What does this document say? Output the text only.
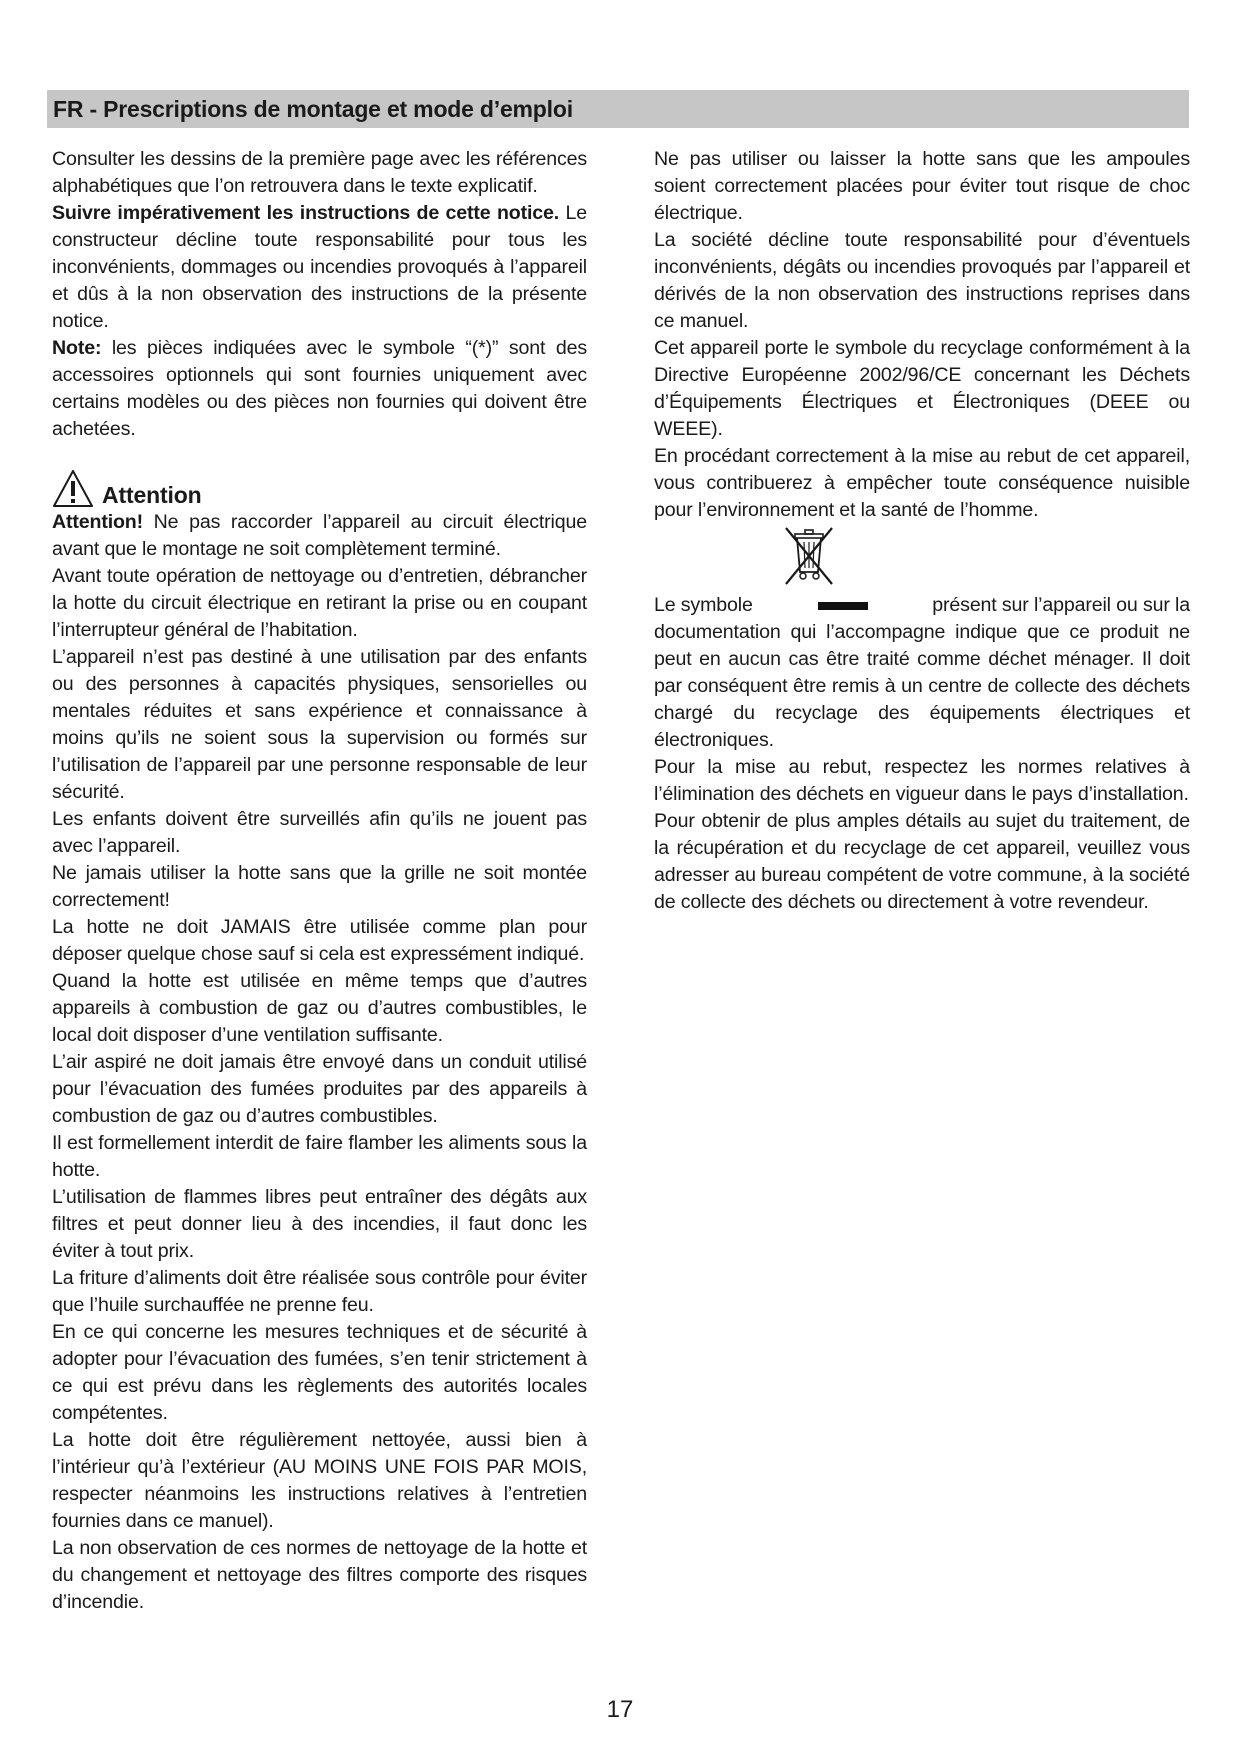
FR - Prescriptions de montage et mode d’emploi

Consulter les dessins de la première page avec les références alphabétiques que l’on retrouvera dans le texte explicatif.

Suivre impérativement les instructions de cette notice. Le constructeur décline toute responsabilité pour tous les inconvénients, dommages ou incendies provoqués à l’appareil et dûs à la non observation des instructions de la présente notice.

Note: les pièces indiquées avec le symbole “(*)” sont des accessoires optionnels qui sont fournies uniquement avec certains modèles ou des pièces non fournies qui doivent être achetées.

Attention

Attention! Ne pas raccorder l’appareil au circuit électrique avant que le montage ne soit complètement terminé.

Avant toute opération de nettoyage ou d’entretien, débrancher la hotte du circuit électrique en retirant la prise ou en coupant l’interrupteur général de l’habitation.

L’appareil n’est pas destiné à une utilisation par des enfants ou des personnes à capacités physiques, sensorielles ou mentales réduites et sans expérience et connaissance à moins qu’ils ne soient sous la supervision ou formés sur l’utilisation de l’appareil par une personne responsable de leur sécurité.

Les enfants doivent être surveillés afin qu’ils ne jouent pas avec l’appareil.

Ne jamais utiliser la hotte sans que la grille ne soit montée correctement!

La hotte ne doit JAMAIS être utilisée comme plan pour déposer quelque chose sauf si cela est expressément indiqué.

Quand la hotte est utilisée en même temps que d’autres appareils à combustion de gaz ou d’autres combustibles, le local doit disposer d’une ventilation suffisante.

L’air aspiré ne doit jamais être envoyé dans un conduit utilisé pour l’évacuation des fumées produites par des appareils à combustion de gaz ou d’autres combustibles.

Il est formellement interdit de faire flamber les aliments sous la hotte.

L’utilisation de flammes libres peut entraîner des dégâts aux filtres et peut donner lieu à des incendies, il faut donc les éviter à tout prix.

La friture d’aliments doit être réalisée sous contrôle pour éviter que l’huile surchauffée ne prenne feu.

En ce qui concerne les mesures techniques et de sécurité à adopter pour l’évacuation des fumées, s’en tenir strictement à ce qui est prévu dans les règlements des autorités locales compétentes.

La hotte doit être régulièrement nettoyée, aussi bien à l’intérieur qu’à l’extérieur (AU MOINS UNE FOIS PAR MOIS, respecter néanmoins les instructions relatives à l’entretien fournies dans ce manuel).

La non observation de ces normes de nettoyage de la hotte et du changement et nettoyage des filtres comporte des risques d’incendie.

Ne pas utiliser ou laisser la hotte sans que les ampoules soient correctement placées pour éviter tout risque de choc électrique.

La société décline toute responsabilité pour d’éventuels inconvénients, dégâts ou incendies provoqués par l’appareil et dérivés de la non observation des instructions reprises dans ce manuel.

Cet appareil porte le symbole du recyclage conformément à la Directive Européenne 2002/96/CE concernant les Déchets d’Équipements Électriques et Électroniques (DEEE ou WEEE).

En procédant correctement à la mise au rebut de cet appareil, vous contribuerez à empêcher toute conséquence nuisible pour l’environnement et la santé de l’homme.

Le symbole	présent sur l’appareil ou sur la

documentation qui l’accompagne indique que ce produit ne peut en aucun cas être traité comme déchet ménager. Il doit par conséquent être remis à un centre de collecte des déchets chargé du recyclage des équipements électriques et électroniques.

Pour la mise au rebut, respectez les normes relatives à l’élimination des déchets en vigueur dans le pays d’installation.

Pour obtenir de plus amples détails au sujet du traitement, de la récupération et du recyclage de cet appareil, veuillez vous adresser au bureau compétent de votre commune, à la société de collecte des déchets ou directement à votre revendeur.

17
